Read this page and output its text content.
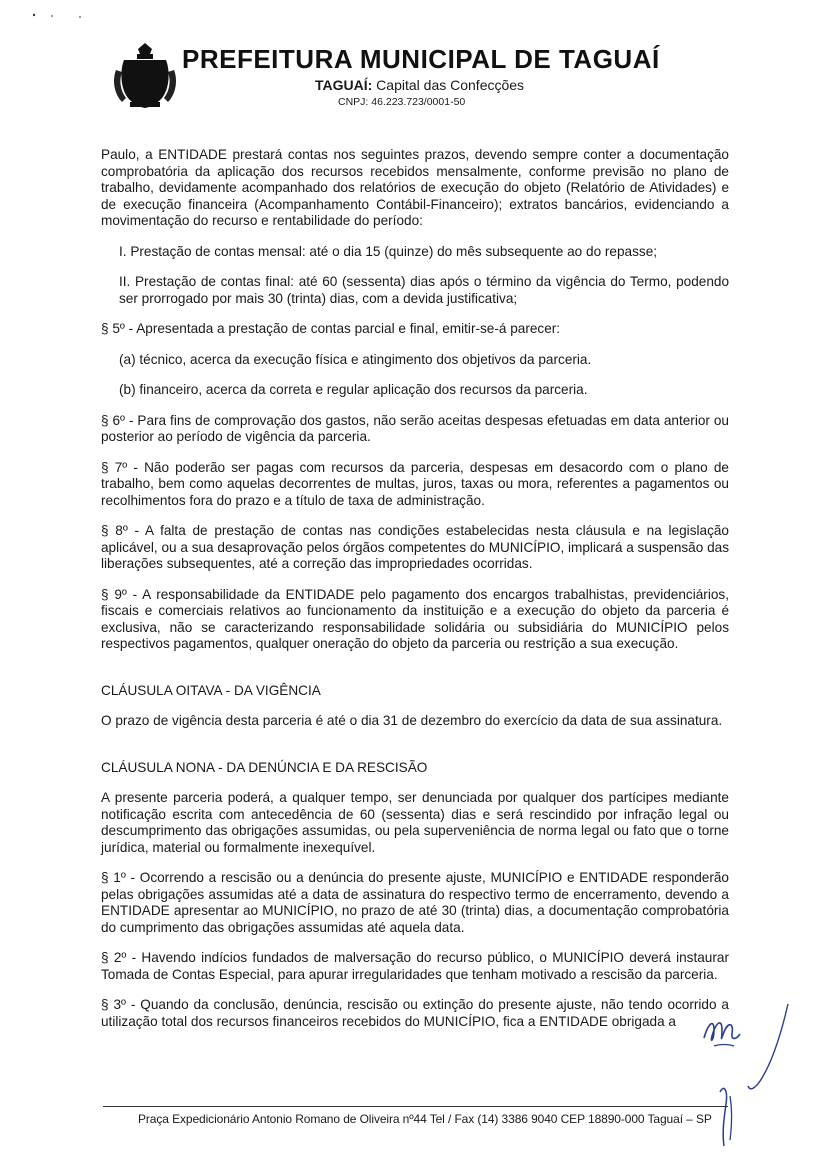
PREFEITURA MUNICIPAL DE TAGUAÍ
TAGUAÍ: Capital das Confecções
CNPJ: 46.223.723/0001-50

Paulo, a ENTIDADE prestará contas nos seguintes prazos, devendo sempre conter a documentação comprobatória da aplicação dos recursos recebidos mensalmente, conforme previsão no plano de trabalho, devidamente acompanhado dos relatórios de execução do objeto (Relatório de Atividades) e de execução financeira (Acompanhamento Contábil-Financeiro); extratos bancários, evidenciando a movimentação do recurso e rentabilidade do período:

I. Prestação de contas mensal: até o dia 15 (quinze) do mês subsequente ao do repasse;

II. Prestação de contas final: até 60 (sessenta) dias após o término da vigência do Termo, podendo ser prorrogado por mais 30 (trinta) dias, com a devida justificativa;

§ 5º - Apresentada a prestação de contas parcial e final, emitir-se-á parecer:

(a) técnico, acerca da execução física e atingimento dos objetivos da parceria.

(b) financeiro, acerca da correta e regular aplicação dos recursos da parceria.

§ 6º - Para fins de comprovação dos gastos, não serão aceitas despesas efetuadas em data anterior ou posterior ao período de vigência da parceria.

§ 7º - Não poderão ser pagas com recursos da parceria, despesas em desacordo com o plano de trabalho, bem como aquelas decorrentes de multas, juros, taxas ou mora, referentes a pagamentos ou recolhimentos fora do prazo e a título de taxa de administração.

§ 8º - A falta de prestação de contas nas condições estabelecidas nesta cláusula e na legislação aplicável, ou a sua desaprovação pelos órgãos competentes do MUNICÍPIO, implicará a suspensão das liberações subsequentes, até a correção das impropriedades ocorridas.

§ 9º - A responsabilidade da ENTIDADE pelo pagamento dos encargos trabalhistas, previdenciários, fiscais e comerciais relativos ao funcionamento da instituição e a execução do objeto da parceria é exclusiva, não se caracterizando responsabilidade solidária ou subsidiária do MUNICÍPIO pelos respectivos pagamentos, qualquer oneração do objeto da parceria ou restrição a sua execução.

CLÁUSULA OITAVA - DA VIGÊNCIA

O prazo de vigência desta parceria é até o dia 31 de dezembro do exercício da data de sua assinatura.

CLÁUSULA NONA - DA DENÚNCIA E DA RESCISÃO

A presente parceria poderá, a qualquer tempo, ser denunciada por qualquer dos partícipes mediante notificação escrita com antecedência de 60 (sessenta) dias e será rescindido por infração legal ou descumprimento das obrigações assumidas, ou pela superveniência de norma legal ou fato que o torne jurídica, material ou formalmente inexequível.

§ 1º - Ocorrendo a rescisão ou a denúncia do presente ajuste, MUNICÍPIO e ENTIDADE responderão pelas obrigações assumidas até a data de assinatura do respectivo termo de encerramento, devendo a ENTIDADE apresentar ao MUNICÍPIO, no prazo de até 30 (trinta) dias, a documentação comprobatória do cumprimento das obrigações assumidas até aquela data.

§ 2º - Havendo indícios fundados de malversação do recurso público, o MUNICÍPIO deverá instaurar Tomada de Contas Especial, para apurar irregularidades que tenham motivado a rescisão da parceria.

§ 3º - Quando da conclusão, denúncia, rescisão ou extinção do presente ajuste, não tendo ocorrido a utilização total dos recursos financeiros recebidos do MUNICÍPIO, fica a ENTIDADE obrigada a

Praça Expedicionário Antonio Romano de Oliveira nº44 Tel / Fax (14) 3386 9040 CEP 18890-000 Taguaí – SP
